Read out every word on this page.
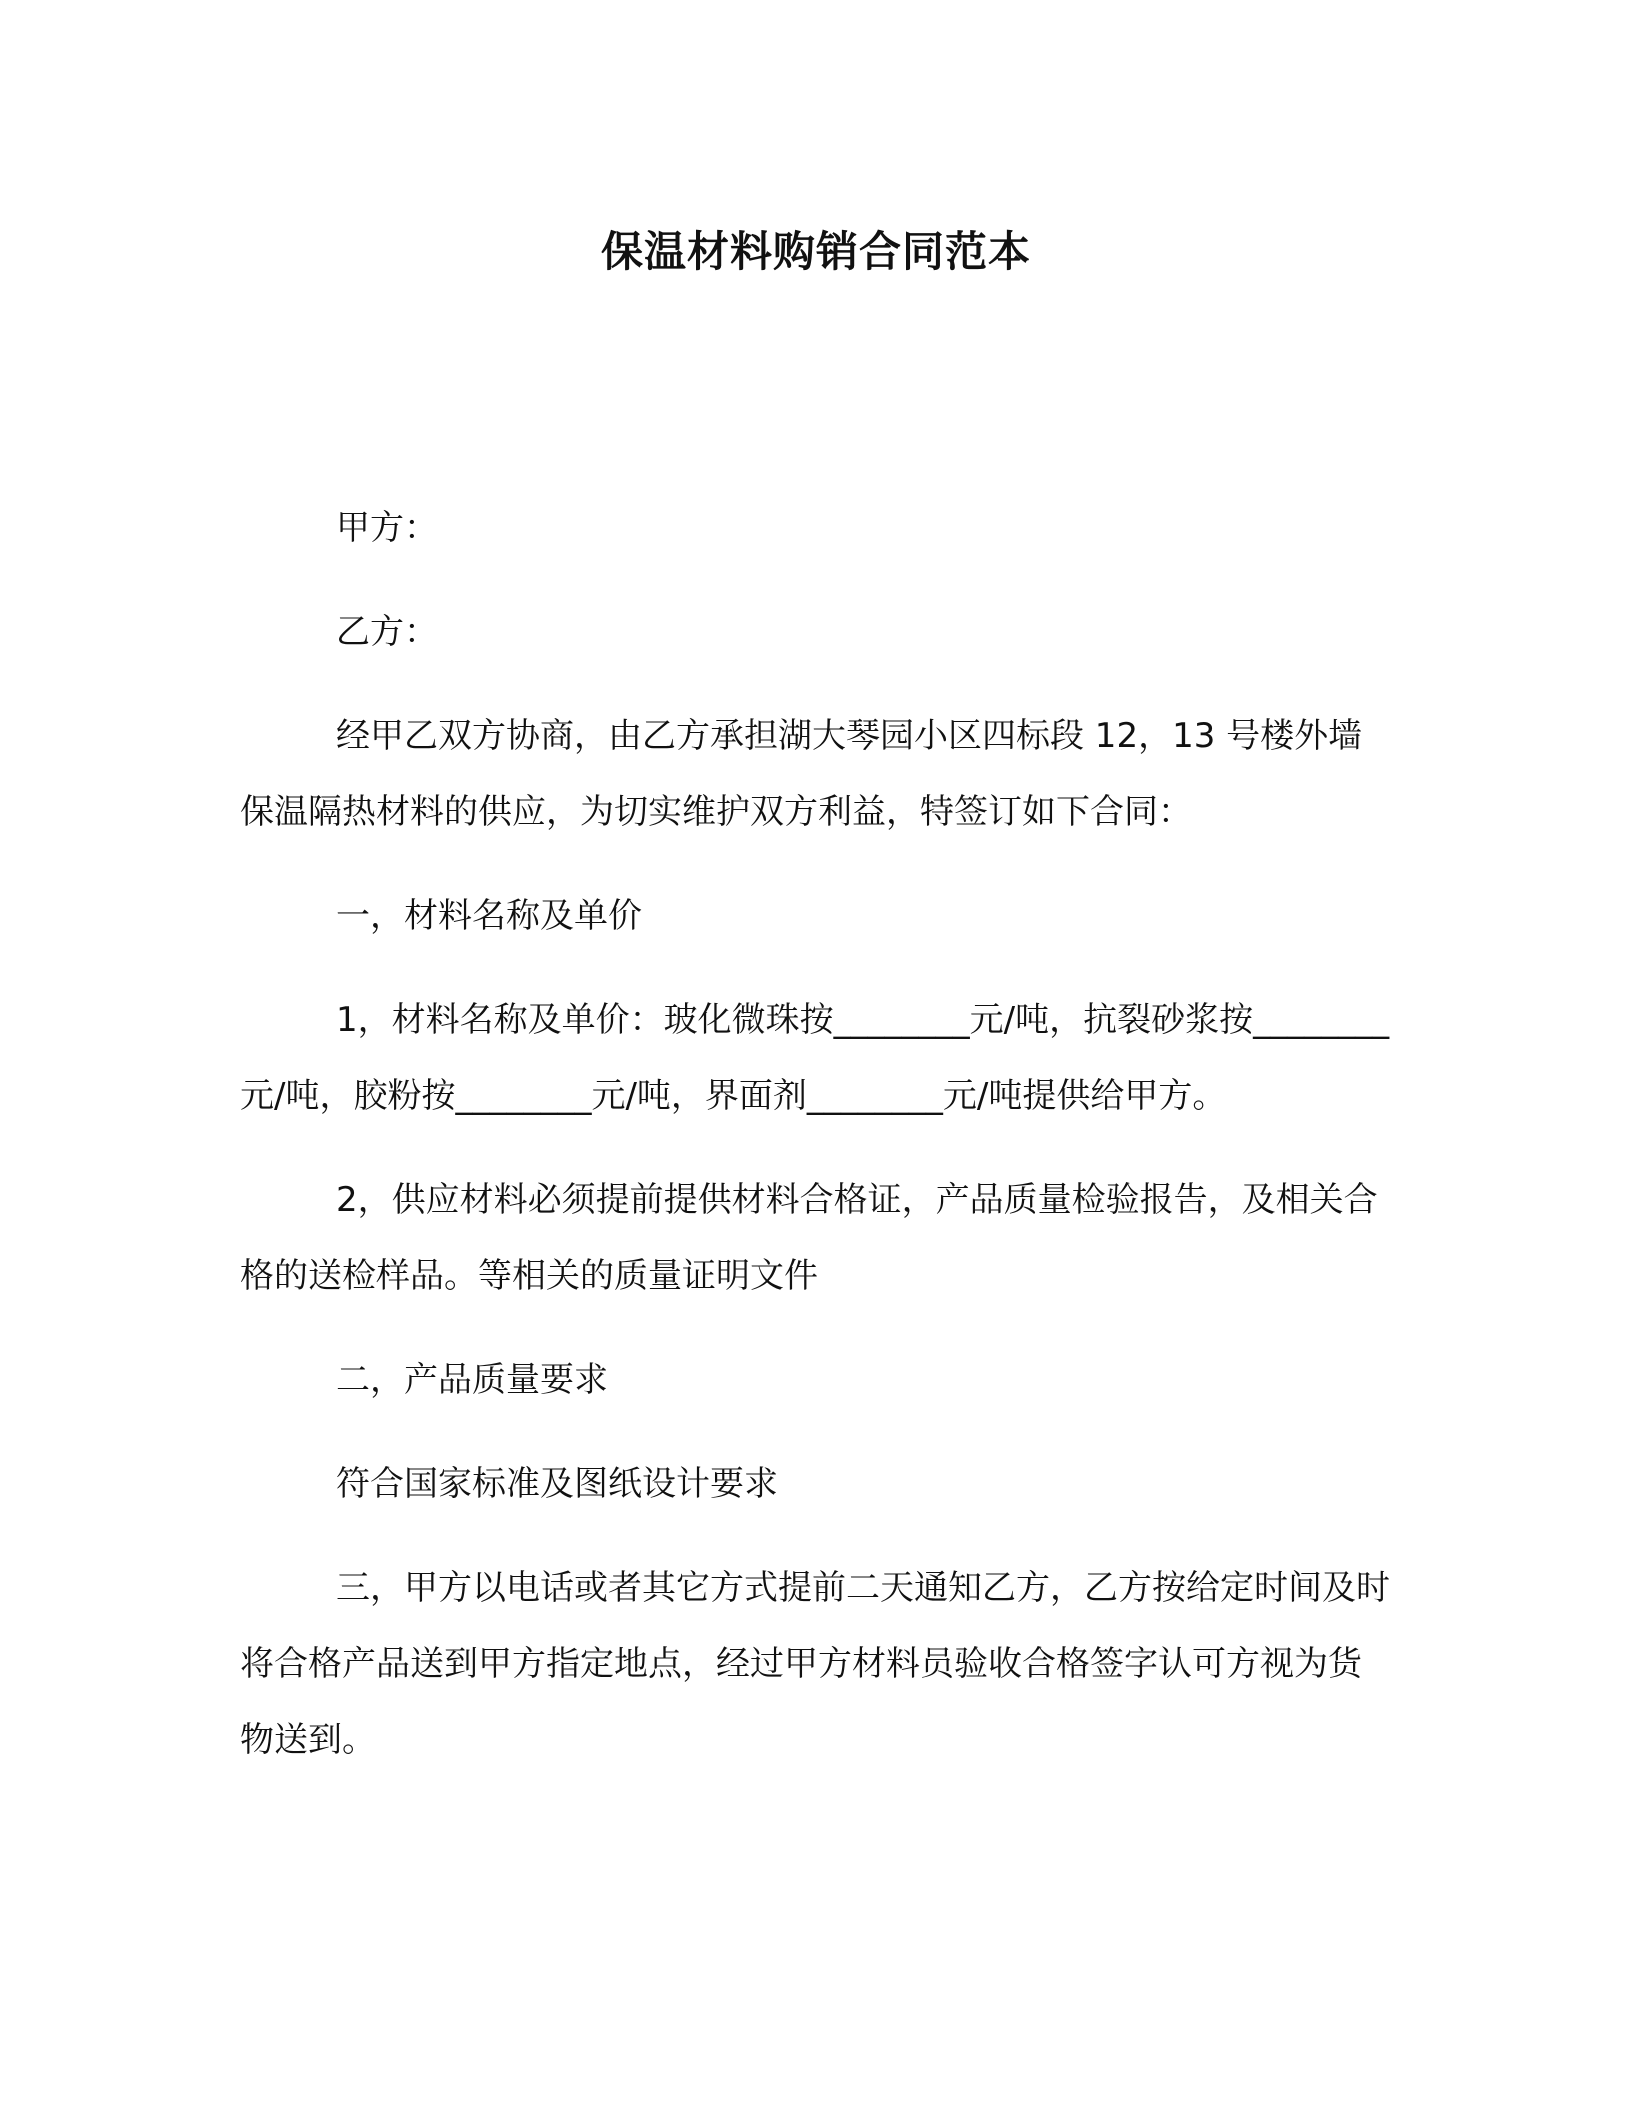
保温材料购销合同范本

甲方：

乙方：

经甲乙双方协商，由乙方承担湖大琴园小区四标段 12，13 号楼外墙保温隔热材料的供应，为切实维护双方利益，特签订如下合同：

一，材料名称及单价

1，材料名称及单价：玻化微珠按________元/吨，抗裂砂浆按________元/吨，胶粉按________元/吨，界面剂________元/吨提供给甲方。

2，供应材料必须提前提供材料合格证，产品质量检验报告，及相关合格的送检样品。等相关的质量证明文件

二，产品质量要求

符合国家标准及图纸设计要求

三，甲方以电话或者其它方式提前二天通知乙方，乙方按给定时间及时将合格产品送到甲方指定地点，经过甲方材料员验收合格签字认可方视为货物送到。
